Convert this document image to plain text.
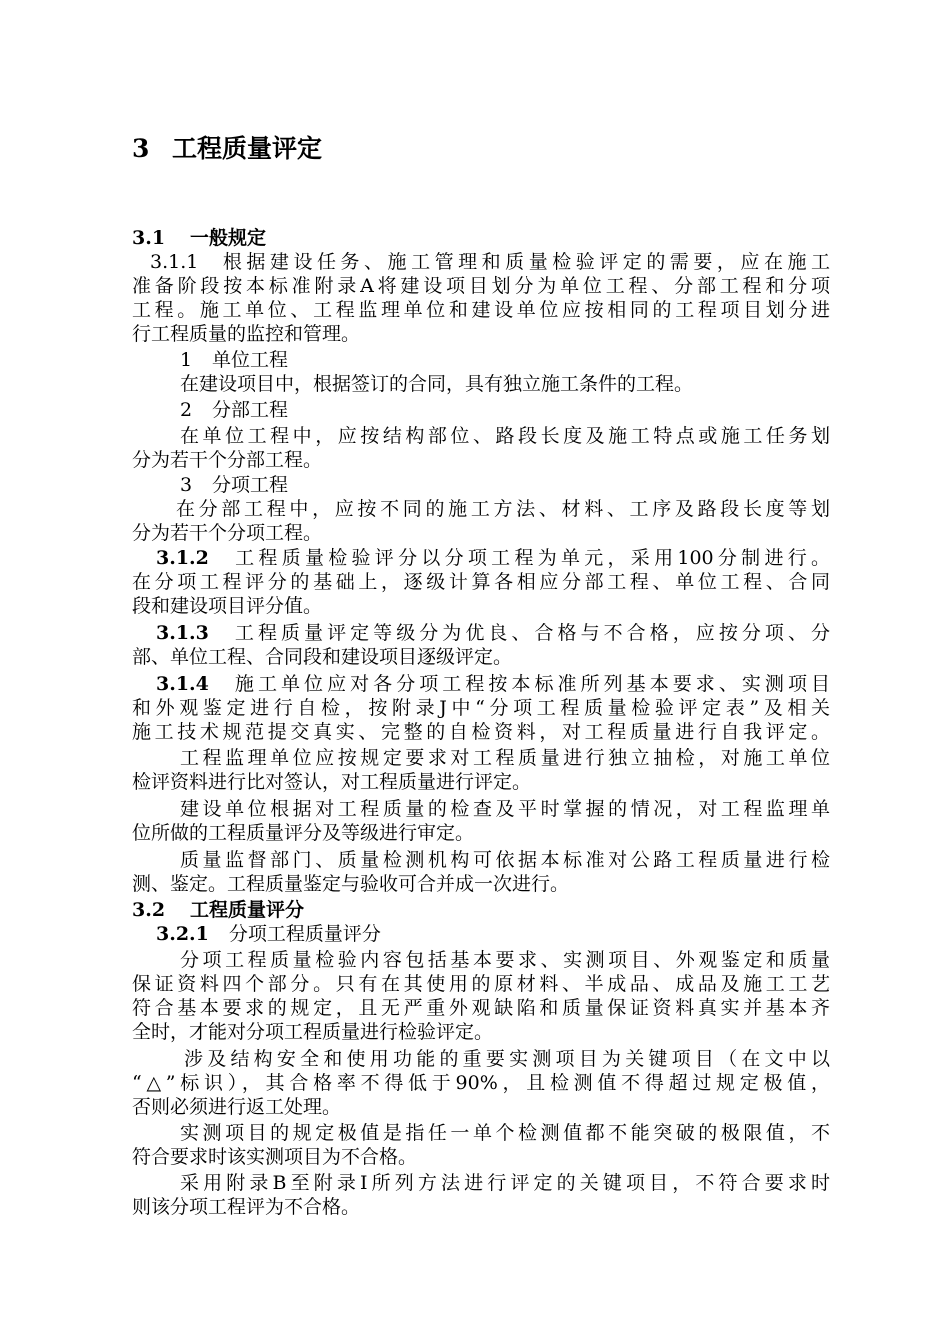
3 工程质量评定
3.1 一般规定
3.1.1 根据建设任务、施工管理和质量检验评定的需要，应在施工
准备阶段按本标准附录A将建设项目划分为单位工程、分部工程和分项
工程。施工单位、工程监理单位和建设单位应按相同的工程项目划分进
行工程质量的监控和管理。
1 单位工程
在建设项目中，根据签订的合同，具有独立施工条件的工程。
2 分部工程
在单位工程中，应按结构部位、路段长度及施工特点或施工任务划
分为若干个分部工程。
3 分项工程
在分部工程中，应按不同的施工方法、材料、工序及路段长度等划
分为若干个分项工程。
3.1.2 工程质量检验评分以分项工程为单元，采用100分制进行。
在分项工程评分的基础上，逐级计算各相应分部工程、单位工程、合同
段和建设项目评分值。
3.1.3 工程质量评定等级分为优良、合格与不合格，应按分项、分
部、单位工程、合同段和建设项目逐级评定。
3.1.4 施工单位应对各分项工程按本标准所列基本要求、实测项目
和外观鉴定进行自检，按附录J中“分项工程质量检验评定表”及相关
施工技术规范提交真实、完整的自检资料，对工程质量进行自我评定。
工程监理单位应按规定要求对工程质量进行独立抽检，对施工单位
检评资料进行比对签认，对工程质量进行评定。
建设单位根据对工程质量的检查及平时掌握的情况，对工程监理单
位所做的工程质量评分及等级进行审定。
质量监督部门、质量检测机构可依据本标准对公路工程质量进行检
测、鉴定。工程质量鉴定与验收可合并成一次进行。
3.2 工程质量评分
3.2.1 分项工程质量评分
分项工程质量检验内容包括基本要求、实测项目、外观鉴定和质量
保证资料四个部分。只有在其使用的原材料、半成品、成品及施工工艺
符合基本要求的规定，且无严重外观缺陷和质量保证资料真实并基本齐
全时，才能对分项工程质量进行检验评定。
涉及结构安全和使用功能的重要实测项目为关键项目（在文中以
“△”标识），其合格率不得低于90%，且检测值不得超过规定极值，
否则必须进行返工处理。
实测项目的规定极值是指任一单个检测值都不能突破的极限值，不
符合要求时该实测项目为不合格。
采用附录B至附录I所列方法进行评定的关键项目，不符合要求时
则该分项工程评为不合格。
